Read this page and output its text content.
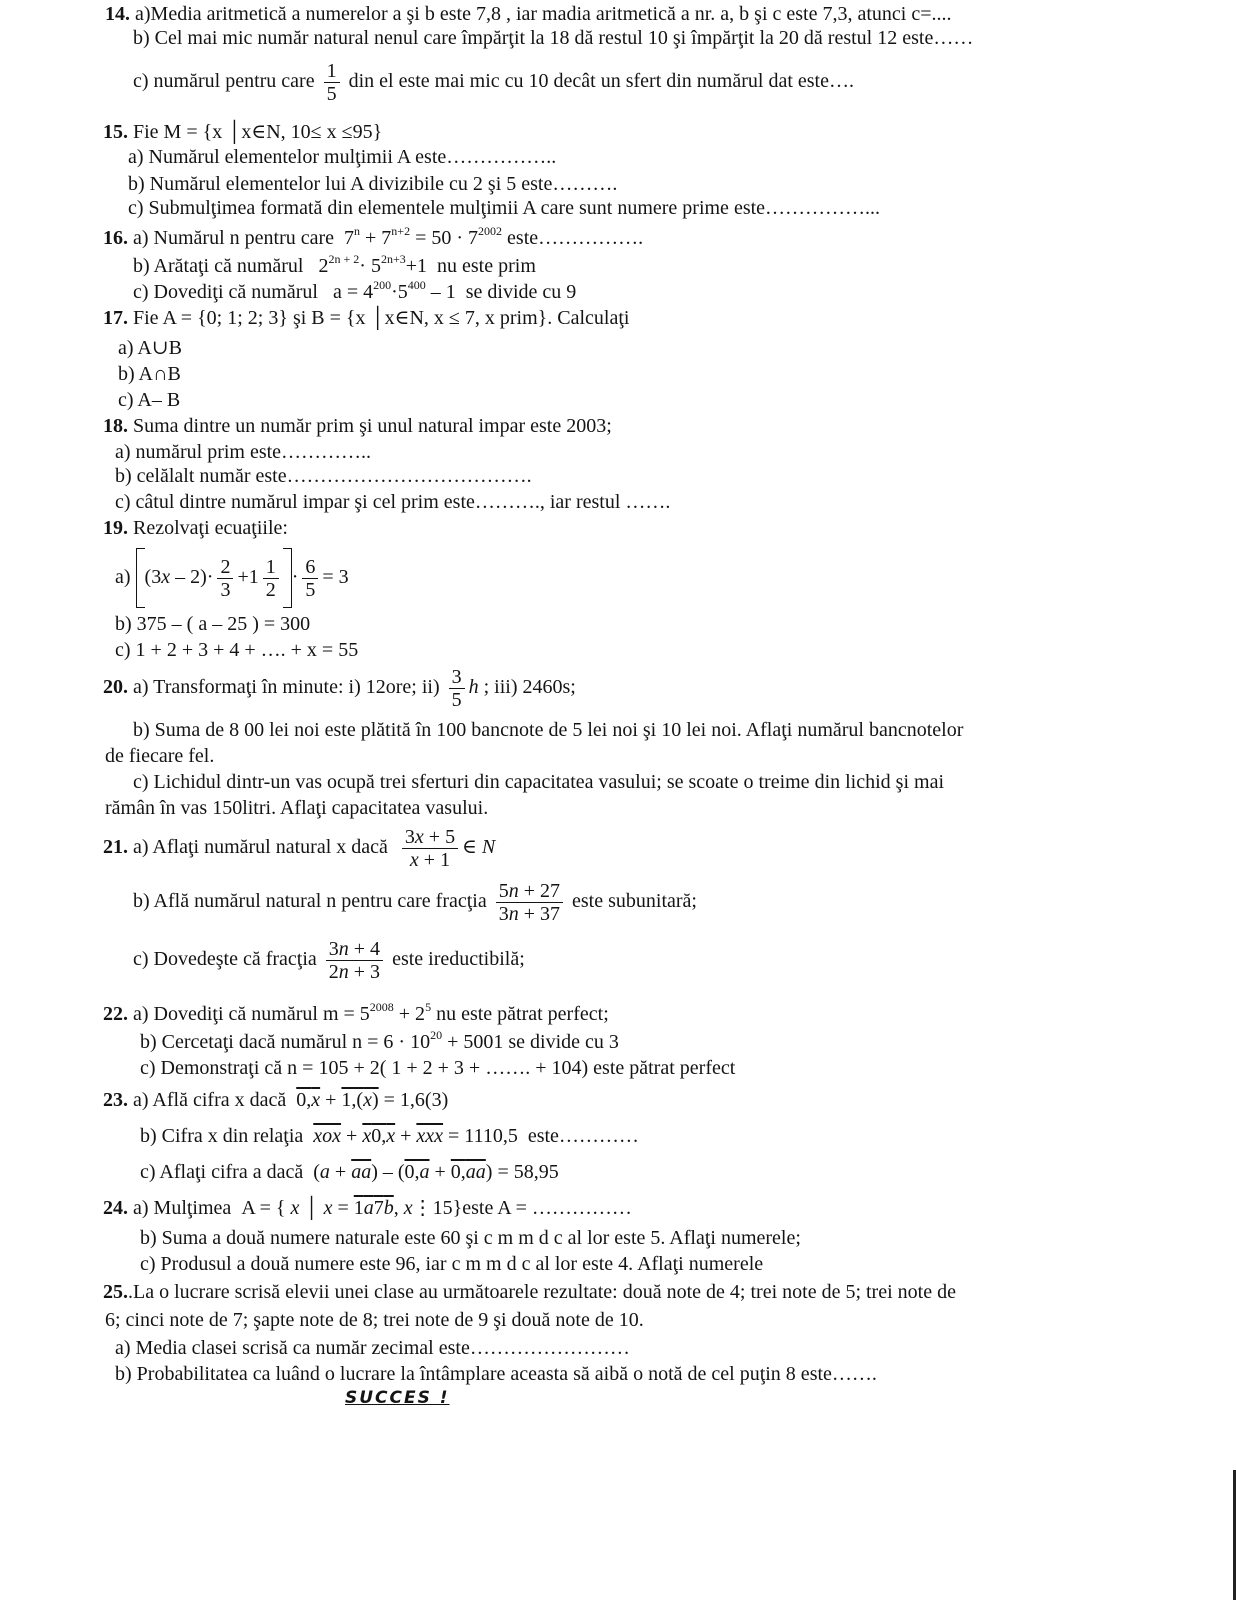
14. a)Media aritmetică a numerelor a şi b este 7,8 , iar madia aritmetică a nr. a, b şi c este 7,3, atunci c=....
b) Cel mai mic număr natural nenul care împărţit la 18 dă restul 10 şi împărţit la 20 dă restul 12 este……
c) numărul pentru care $\frac{1}{5}$ din el este mai mic cu 10 decât un sfert din numărul dat este….
15. Fie M = {x │x∈N, 10≤ x ≤95}
a) Numărul elementelor mulţimii A este……………..
b) Numărul elementelor lui A divizibile cu 2 şi 5 este……….
c) Submulţimea formată din elementele mulţimii A care sunt numere prime este……………...
16. a) Numărul n pentru care $7^n + 7^{n+2} = 50 \cdot 7^{2002}$ este…………….
b) Arătaţi că numărul $2^{2n + 2}\cdot 5^{2n+3}+1$ nu este prim
c) Dovediţi că numărul $a = 4^{200}\cdot 5^{400} - 1$ se divide cu 9
17. Fie A = {0; 1; 2; 3} şi B = {x │x∈N, x ≤ 7, x prim}. Calculaţi
a) A∪B
b) A∩B
c) A– B
18. Suma dintre un număr prim şi unul natural impar este 2003;
a) numărul prim este…………..
b) celălalt număr este……………………………….
c) câtul dintre numărul impar şi cel prim este………., iar restul …….
19. Rezolvaţi ecuaţiile:
a) $(3x - 2)\cdot \frac{2}{3} +1 \frac{1}{2} \cdot \frac{6}{5} = 3$
b) 375 – ( a – 25 ) = 300
c) 1 + 2 + 3 + 4 + …. + x = 55
20. a) Transformaţi în minute: i) 12ore; $ii) \frac{3}{5}$ h ; iii) 2460s;
b) Suma de 8 00 lei noi este plătită în 100 bancnote de 5 lei noi şi 10 lei noi. Aflaţi numărul bancnotelor
de fiecare fel.
c) Lichidul dintr-un vas ocupă trei sferturi din capacitatea vasului; se scoate o treime din lichid şi mai
rămân în vas 150litri. Aflaţi capacitatea vasului.
21. a) Aflaţi numărul natural x dacă $\frac{3x + 5}{x + 1}$ ∈ N
b) Află numărul natural n pentru care fracţia $\frac{5n + 27}{3n + 37}$ este subunitară;
c) Dovedeşte că fracţia $\frac{3n + 4}{2n + 3}$ este ireductibilă;
22. a) Dovediţi că numărul $m = 5^{2008} + 2^5$ nu este pătrat perfect;
b) Cercetaţi dacă numărul $n = 6 \cdot 10^{20} + 5001$ se divide cu 3
c) Demonstraţi că n = 105 + 2( 1 + 2 + 3 + ……. + 104) este pătrat perfect
23. a) Află cifra x dacă 0,x + 1,(x) = 1,6(3)
b) Cifra x din relaţia $\overline{xox} + x0,x + \overline{xxx} = 1110,5$ este…………
c) Aflaţi cifra a dacă $(a + \overline{aa}) - (0,a + 0,aa) = 58,95$
24. a) Mulţimea A = { x │ x = 1a7b, x⋮15}este A = ……………
b) Suma a două numere naturale este 60 şi c m m d c al lor este 5. Aflaţi numerele;
c) Produsul a două numere este 96, iar c m m d c al lor este 4. Aflaţi numerele
25..La o lucrare scrisă elevii unei clase au următoarele rezultate: două note de 4; trei note de 5; trei note de
6; cinci note de 7; şapte note de 8; trei note de 9 şi două note de 10.
a) Media clasei scrisă ca număr zecimal este……………………
b) Probabilitatea ca luând o lucrare la întâmplare aceasta să aibă o notă de cel puţin 8 este…….
SUCCES !
